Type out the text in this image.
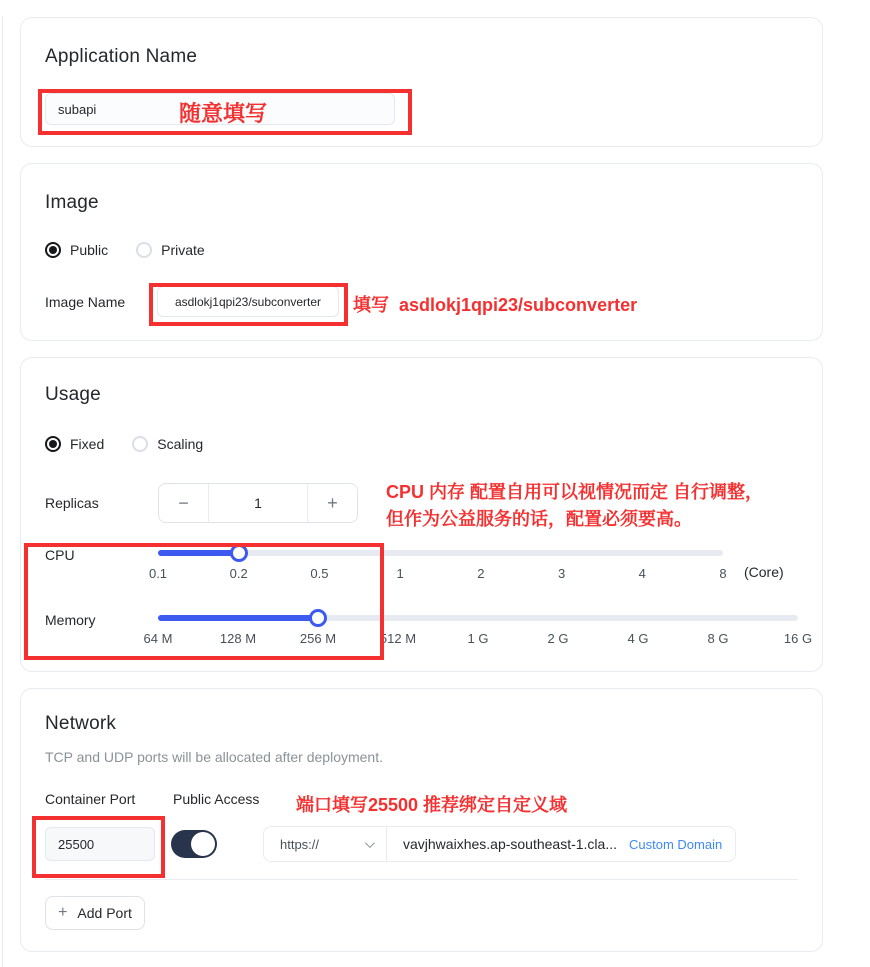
Application Name
subapi
随意填写
Image
Public	Private
Image Name
asdlokj1qpi23/subconverter	填写  asdlokj1qpi23/subconverter
Usage
Fixed	Scaling
Replicas	−	1	+
CPU
0.1	0.2	0.5	1	2	3	4	8
Memory
64 M	128 M	256 M	512 M	1 G	2 G	4 G	8 G	16 G
(Core)
CPU 内存 配置自用可以视情况而定 自行调整，
但作为公益服务的话，配置必须要高。
Network
TCP and UDP ports will be allocated after deployment.
Container Port	Public Access
25500
https://	vavjhwaixhes.ap-southeast-1.cla... Custom Domain
+ Add Port
端口填写25500 推荐绑定自定义域
